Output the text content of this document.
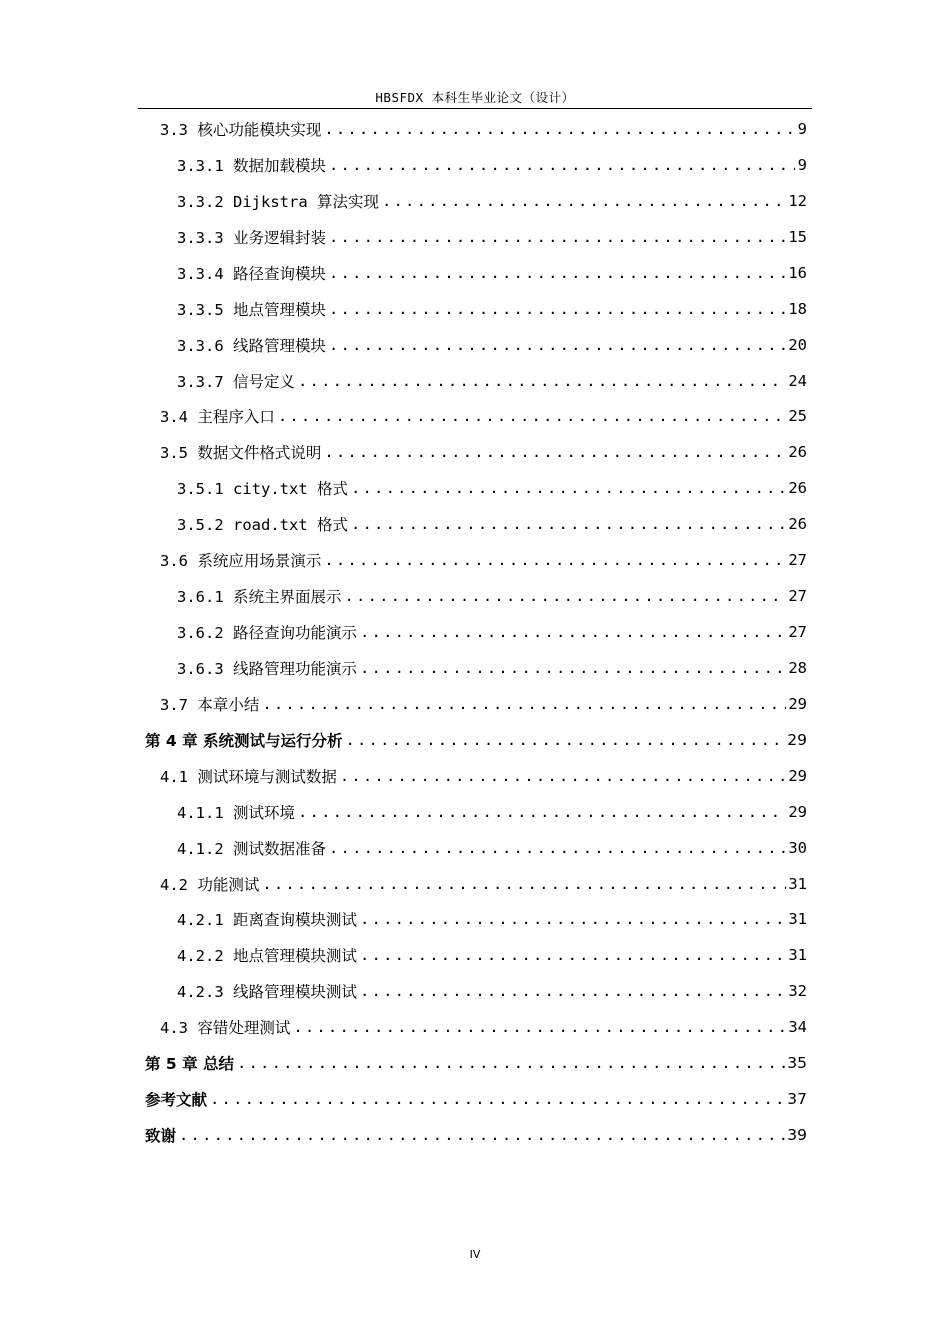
HBSFDX 本科生毕业论文（设计）
3.3 核心功能模块实现 .....	9
3.3.1 数据加载模块 .....	9
3.3.2 Dijkstra 算法实现 .....	12
3.3.3 业务逻辑封装 .....	15
3.3.4 路径查询模块 .....	16
3.3.5 地点管理模块 .....	18
3.3.6 线路管理模块 .....	20
3.3.7 信号定义 .....	24
3.4 主程序入口 .....	25
3.5 数据文件格式说明 .....	26
3.5.1 city.txt 格式 .....	26
3.5.2 road.txt 格式 .....	26
3.6 系统应用场景演示 .....	27
3.6.1 系统主界面展示 .....	27
3.6.2 路径查询功能演示 .....	27
3.6.3 线路管理功能演示 .....	28
3.7 本章小结 .....	29
第 4 章 系统测试与运行分析 .....	29
4.1 测试环境与测试数据 .....	29
4.1.1 测试环境 .....	29
4.1.2 测试数据准备 .....	30
4.2 功能测试 .....	31
4.2.1 距离查询模块测试 .....	31
4.2.2 地点管理模块测试 .....	31
4.2.3 线路管理模块测试 .....	32
4.3 容错处理测试 .....	34
第 5 章 总结 .....	35
参考文献 .....	37
致谢 .....	39
IV
